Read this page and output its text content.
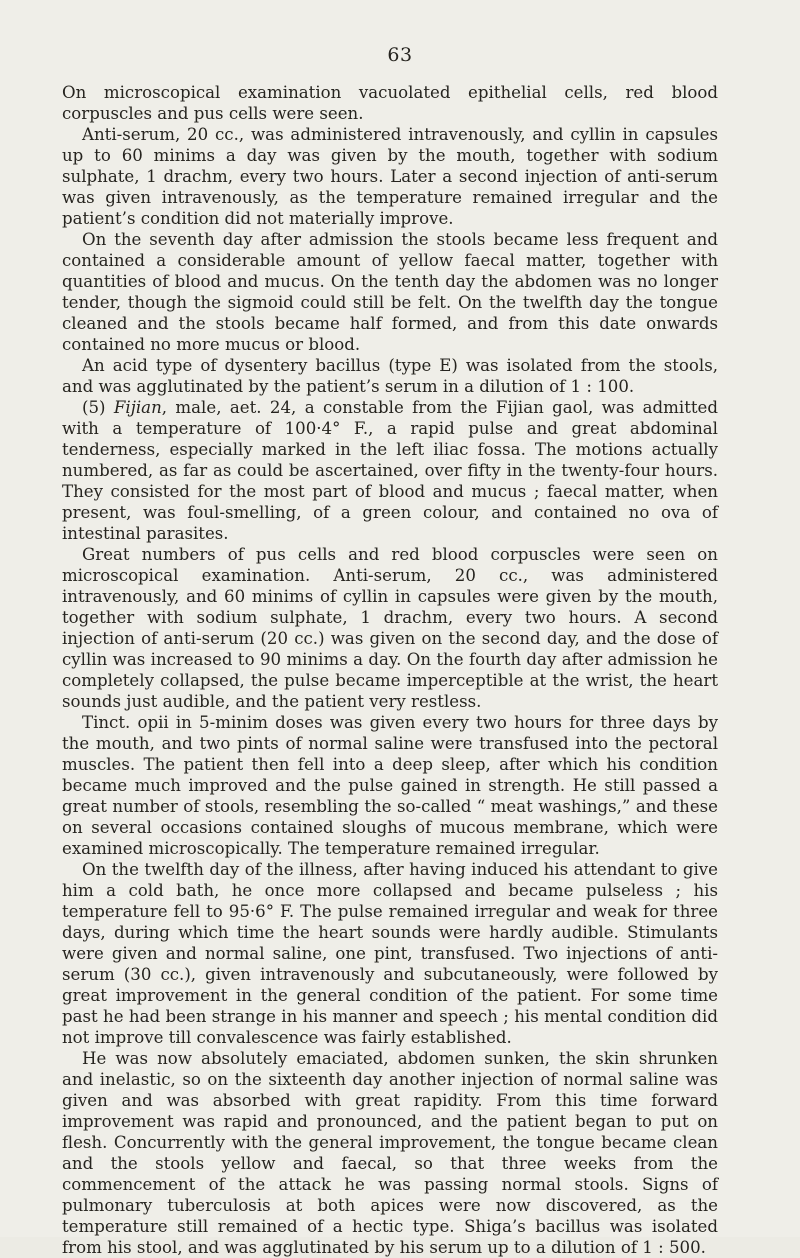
63

On microscopical examination vacuolated epithelial cells, red blood corpuscles and pus cells were seen.

Anti-serum, 20 cc., was administered intravenously, and cyllin in capsules up to 60 minims a day was given by the mouth, together with sodium sulphate, 1 drachm, every two hours. Later a second injection of anti-serum was given intravenously, as the temperature remained irregular and the patient’s condition did not materially improve.

On the seventh day after admission the stools became less frequent and contained a considerable amount of yellow faecal matter, together with quantities of blood and mucus. On the tenth day the abdomen was no longer tender, though the sigmoid could still be felt. On the twelfth day the tongue cleaned and the stools became half formed, and from this date onwards contained no more mucus or blood.

An acid type of dysentery bacillus (type E) was isolated from the stools, and was agglutinated by the patient’s serum in a dilution of 1 : 100.

(5) Fijian, male, aet. 24, a constable from the Fijian gaol, was admitted with a temperature of 100·4° F., a rapid pulse and great abdominal tenderness, especially marked in the left iliac fossa. The motions actually numbered, as far as could be ascertained, over fifty in the twenty-four hours. They consisted for the most part of blood and mucus ; faecal matter, when present, was foul-smelling, of a green colour, and contained no ova of intestinal parasites.

Great numbers of pus cells and red blood corpuscles were seen on microscopical examination. Anti-serum, 20 cc., was administered intravenously, and 60 minims of cyllin in capsules were given by the mouth, together with sodium sulphate, 1 drachm, every two hours. A second injection of anti-serum (20 cc.) was given on the second day, and the dose of cyllin was increased to 90 minims a day. On the fourth day after admission he completely collapsed, the pulse became imperceptible at the wrist, the heart sounds just audible, and the patient very restless.

Tinct. opii in 5-minim doses was given every two hours for three days by the mouth, and two pints of normal saline were transfused into the pectoral muscles. The patient then fell into a deep sleep, after which his condition became much improved and the pulse gained in strength. He still passed a great number of stools, resembling the so-called “ meat washings,” and these on several occasions contained sloughs of mucous membrane, which were examined microscopically. The temperature remained irregular.

On the twelfth day of the illness, after having induced his attendant to give him a cold bath, he once more collapsed and became pulseless ; his temperature fell to 95·6° F. The pulse remained irregular and weak for three days, during which time the heart sounds were hardly audible. Stimulants were given and normal saline, one pint, transfused. Two injections of anti-serum (30 cc.), given intravenously and subcutaneously, were followed by great improvement in the general condition of the patient. For some time past he had been strange in his manner and speech ; his mental condition did not improve till convalescence was fairly established.

He was now absolutely emaciated, abdomen sunken, the skin shrunken and inelastic, so on the sixteenth day another injection of normal saline was given and was absorbed with great rapidity. From this time forward improvement was rapid and pronounced, and the patient began to put on flesh. Concurrently with the general improvement, the tongue became clean and the stools yellow and faecal, so that three weeks from the commencement of the attack he was passing normal stools. Signs of pulmonary tuberculosis at both apices were now discovered, as the temperature still remained of a hectic type. Shiga’s bacillus was isolated from his stool, and was agglutinated by his serum up to a dilution of 1 : 500.
